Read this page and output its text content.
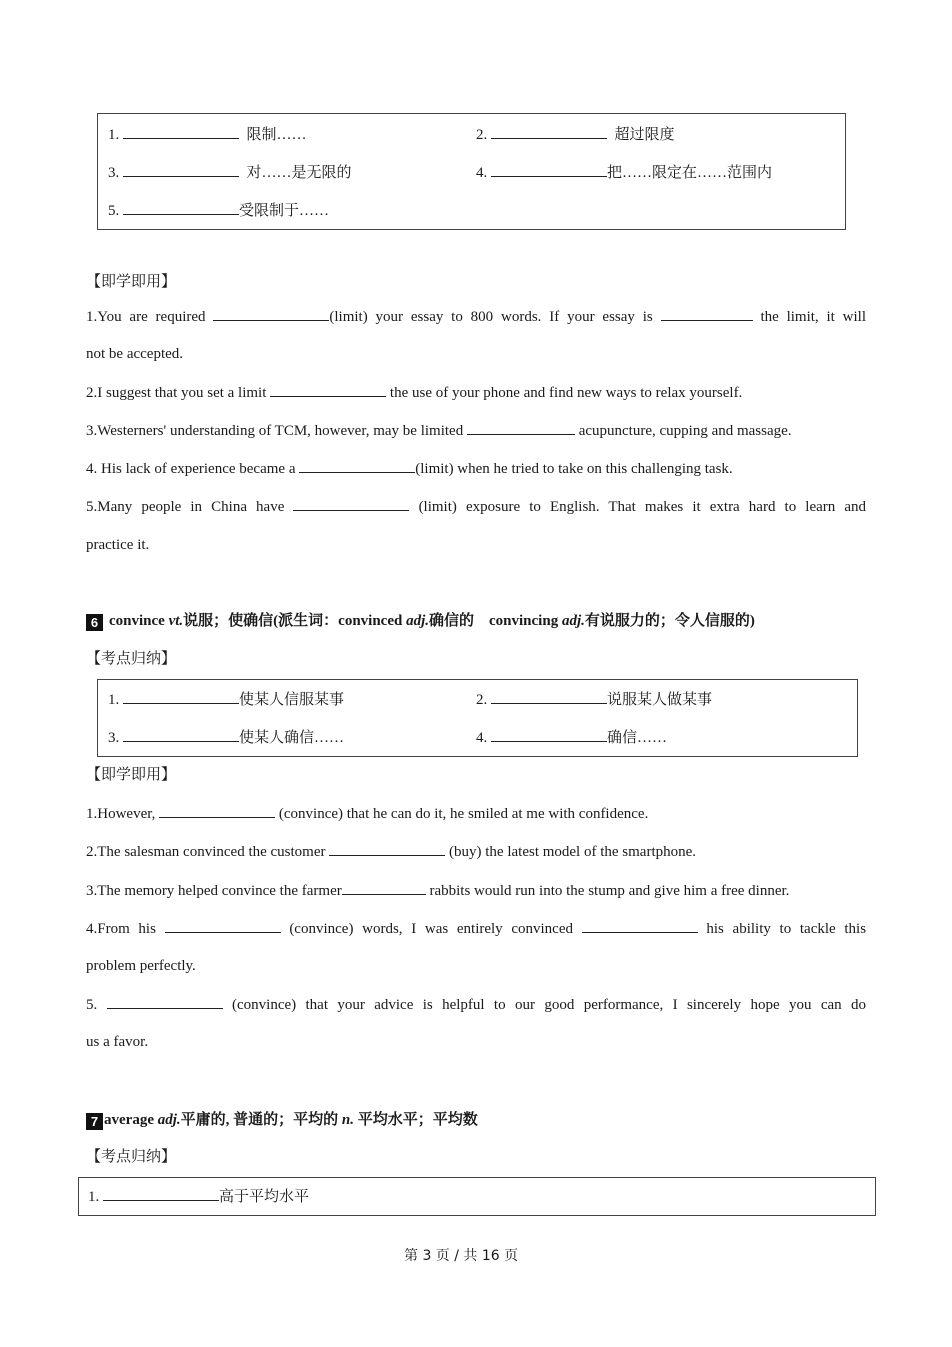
1.	限制……	2.	超过限度
3.	对……是无限的	4.	把……限定在……范围内
5.	受限制于……
【即学即用】
1.You are required	(limit) your essay to 800 words. If your essay is	the limit, it will
not be accepted.
2.I suggest that you set a limit	the use of your phone and find new ways to relax yourself.
3.Westerners' understanding of TCM, however, may be limited	acupuncture, cupping and massage.
4. His lack of experience became a	(limit) when he tried to take on this challenging task.
5.Many people in China have	(limit) exposure to English. That makes it extra hard to learn and
practice it.
6 convince vt.说服；使确信(派生词：convinced adj.确信的 convincing adj.有说服力的；令人信服的)
【考点归纳】
1.	使某人信服某事	2.	说服某人做某事
3.	使某人确信……	4.	确信……
【即学即用】
1.However,	(convince) that he can do it, he smiled at me with confidence.
2.The salesman convinced the customer	(buy) the latest model of the smartphone.
3.The memory helped convince the farmer	rabbits would run into the stump and give him a free dinner.
4.From his	(convince) words, I was entirely convinced	his ability to tackle this
problem perfectly.
5.	(convince) that your advice is helpful to our good performance, I sincerely hope you can do
us a favor.
7 average adj.平庸的, 普通的；平均的 n. 平均水平；平均数
【考点归纳】
1.	高于平均水平
第 3 页 / 共 16 页
